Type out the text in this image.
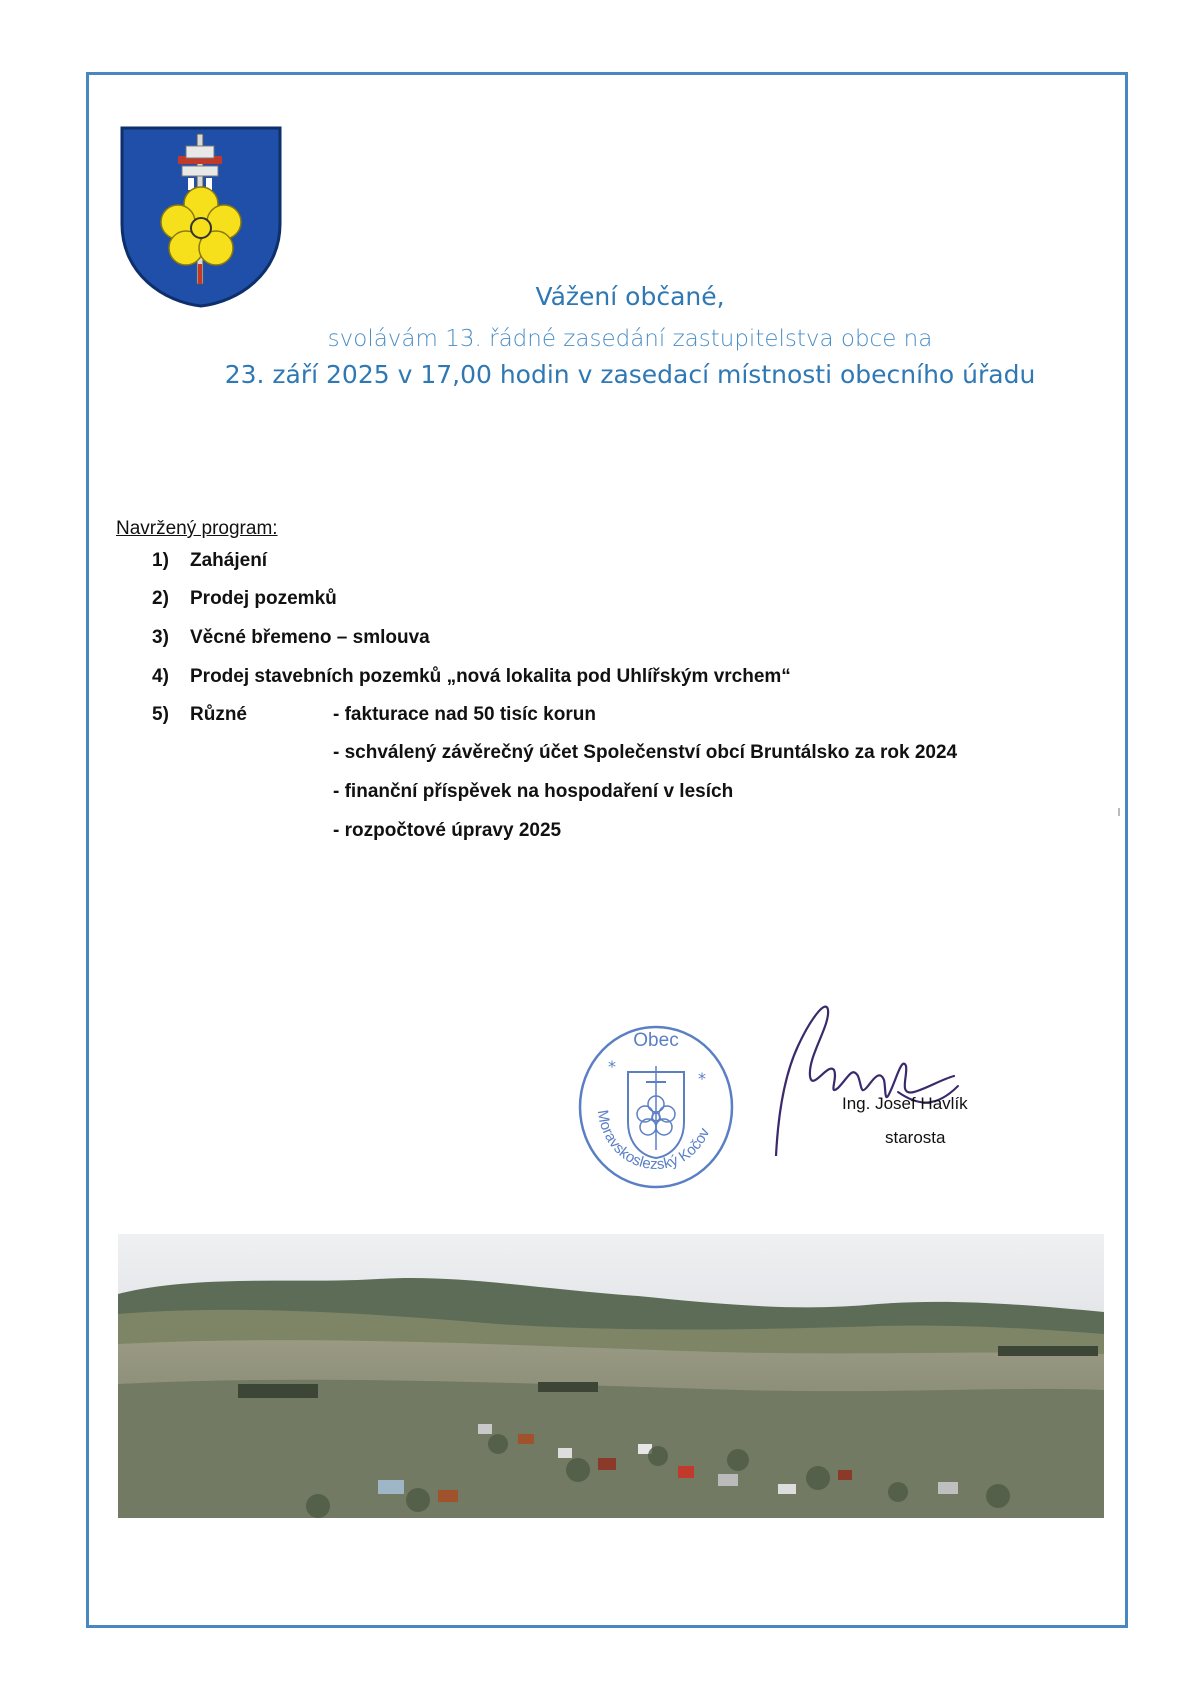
Vážení občané,
svolávám 13. řádné zasedání zastupitelstva obce na
23. září 2025 v 17,00 hodin v zasedací místnosti obecního úřadu
Navržený program:
1)	Zahájení
2)	Prodej pozemků
3)	Věcné břemeno – smlouva
4)	Prodej stavebních pozemků „nová lokalita pod Uhlířským vrchem“
5)	Různé	- fakturace nad 50 tisíc korun
- schválený závěrečný účet Společenství obcí Bruntálsko za rok 2024
- finanční příspěvek na hospodaření v lesích
- rozpočtové úpravy 2025
Obec
Moravskoslezský Kočov
*
*
Ing. Josef Havlík
starosta
